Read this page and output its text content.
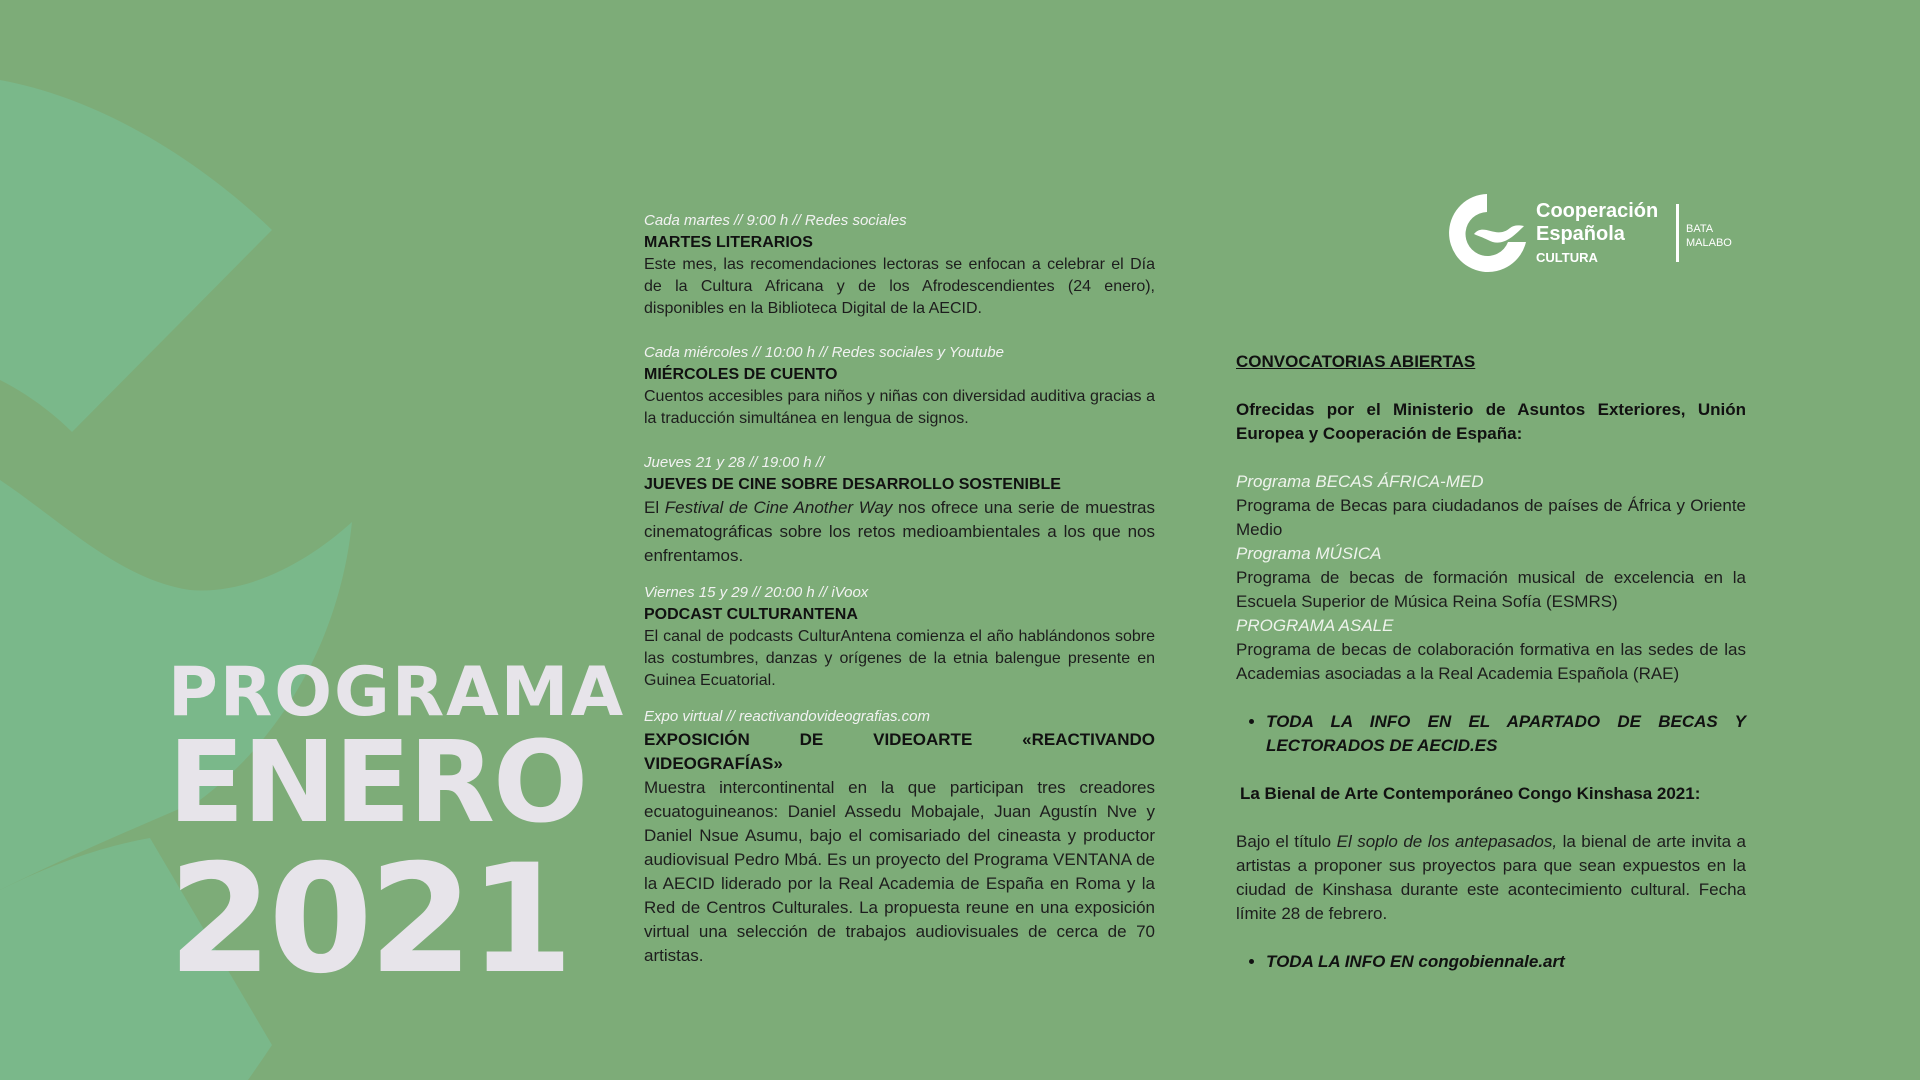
PROGRAMA
ENERO
2021
Cada martes // 9:00 h // Redes sociales
MARTES LITERARIOS
Este mes, las recomendaciones lectoras se enfocan a celebrar el Día de la Cultura Africana y de los Afrodescendientes (24 enero), disponibles en la Biblioteca Digital de la AECID.
Cada miércoles // 10:00 h // Redes sociales y Youtube
MIÉRCOLES DE CUENTO
Cuentos accesibles para niños y niñas con diversidad auditiva gracias a la traducción simultánea en lengua de signos.
Jueves 21 y 28 // 19:00 h //
JUEVES DE CINE SOBRE DESARROLLO SOSTENIBLE
El Festival de Cine Another Way nos ofrece una serie de muestras cinematográficas sobre los retos medioambientales a los que nos enfrentamos.
Viernes 15 y 29 // 20:00 h // iVoox
PODCAST CULTURANTENA
El canal de podcasts CulturAntena comienza el año hablándonos sobre las costumbres, danzas y orígenes de la etnia balengue presente en Guinea Ecuatorial.
Expo virtual // reactivandovideografias.com
EXPOSICIÓN DE VIDEOARTE «REACTIVANDO
VIDEOGRAFÍAS»
Muestra intercontinental en la que participan tres creadores ecuatoguineanos: Daniel Assedu Mobajale, Juan Agustín Nve y Daniel Nsue Asumu, bajo el comisariado del cineasta y productor audiovisual Pedro Mbá. Es un proyecto del Programa VENTANA de la AECID liderado por la Real Academia de España en Roma y la Red de Centros Culturales. La propuesta reune en una exposición virtual una selección de trabajos audiovisuales de cerca de 70 artistas.
Cooperación
Española
CULTURA
BATA
MALABO
CONVOCATORIAS ABIERTAS
Ofrecidas por el Ministerio de Asuntos Exteriores, Unión Europea y Cooperación de España:
Programa BECAS ÁFRICA-MED
Programa de Becas para ciudadanos de países de África y Oriente Medio
Programa MÚSICA
Programa de becas de formación musical de excelencia en la Escuela Superior de Música Reina Sofía (ESMRS)
PROGRAMA ASALE
Programa de becas de colaboración formativa en las sedes de las Academias asociadas a la Real Academia Española (RAE)
• TODA LA INFO EN EL APARTADO DE BECAS Y LECTORADOS DE AECID.ES
La Bienal de Arte Contemporáneo Congo Kinshasa 2021:
Bajo el título El soplo de los antepasados, la bienal de arte invita a artistas a proponer sus proyectos para que sean expuestos en la ciudad de Kinshasa durante este acontecimiento cultural. Fecha límite 28 de febrero.
• TODA LA INFO EN congobiennale.art
